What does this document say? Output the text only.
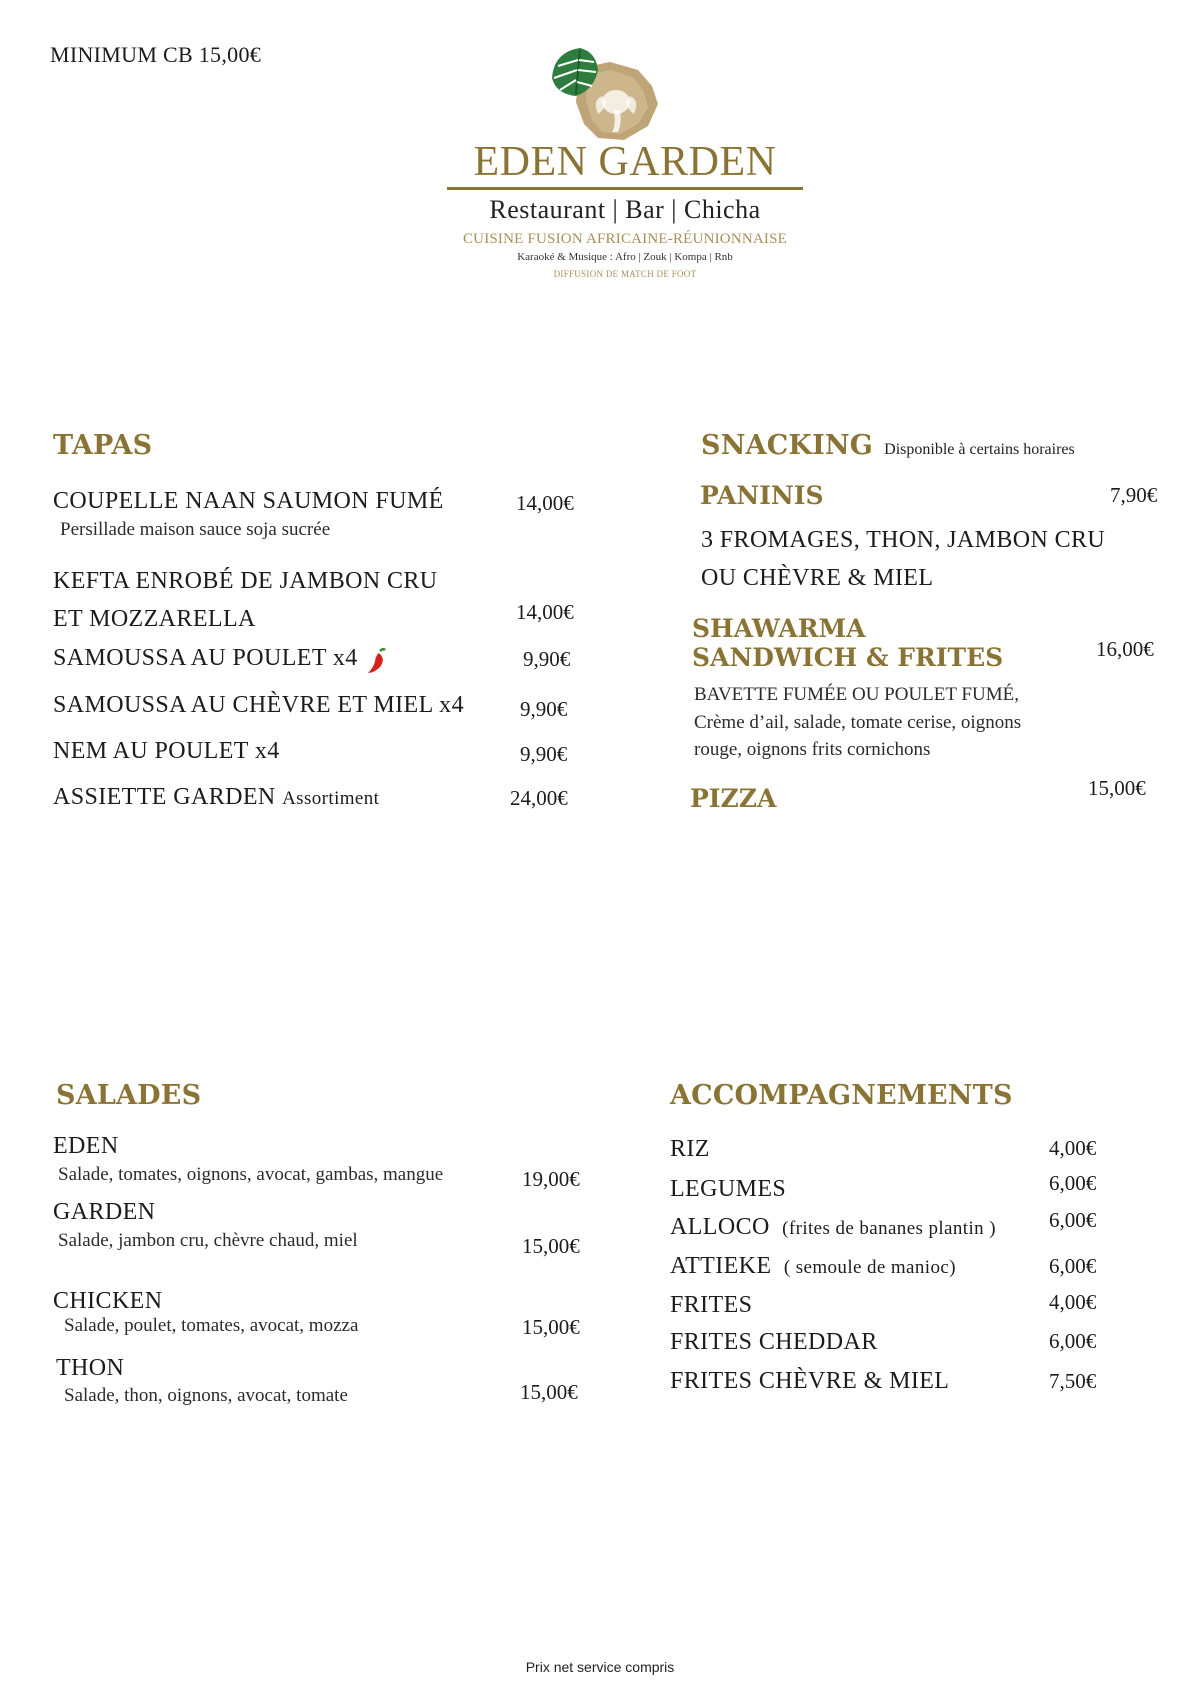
MINIMUM CB 15,00€
EDEN GARDEN
Restaurant | Bar | Chicha
CUISINE FUSION AFRICAINE-RÉUNIONNAISE
Karaoké & Musique : Afro | Zouk | Kompa | Rnb
DIFFUSION DE MATCH DE FOOT
TAPAS
COUPELLE NAAN SAUMON FUMÉ	14,00€
Persillade maison sauce soja sucrée
KEFTA ENROBÉ DE JAMBON CRU
ET MOZZARELLA	14,00€
SAMOUSSA AU POULET x4	9,90€
SAMOUSSA AU CHÈVRE ET MIEL x4	9,90€
NEM AU POULET x4	9,90€
ASSIETTE GARDEN Assortiment	24,00€
SNACKING Disponible à certains horaires
PANINIS	7,90€
3 FROMAGES, THON, JAMBON CRU
OU CHÈVRE & MIEL
SHAWARMA
SANDWICH & FRITES	16,00€
BAVETTE FUMÉE OU POULET FUMÉ,
Crème d’ail, salade, tomate cerise, oignons
rouge, oignons frits cornichons
PIZZA	15,00€
SALADES
EDEN
Salade, tomates, oignons, avocat, gambas, mangue	19,00€
GARDEN
Salade, jambon cru, chèvre chaud, miel	15,00€
CHICKEN
Salade, poulet, tomates, avocat, mozza	15,00€
THON
Salade, thon, oignons, avocat, tomate	15,00€
ACCOMPAGNEMENTS
RIZ	4,00€
LEGUMES	6,00€
ALLOCO (frites de bananes plantin )	6,00€
ATTIEKE ( semoule de manioc)	6,00€
FRITES	4,00€
FRITES CHEDDAR	6,00€
FRITES CHÈVRE & MIEL	7,50€
Prix net service compris
